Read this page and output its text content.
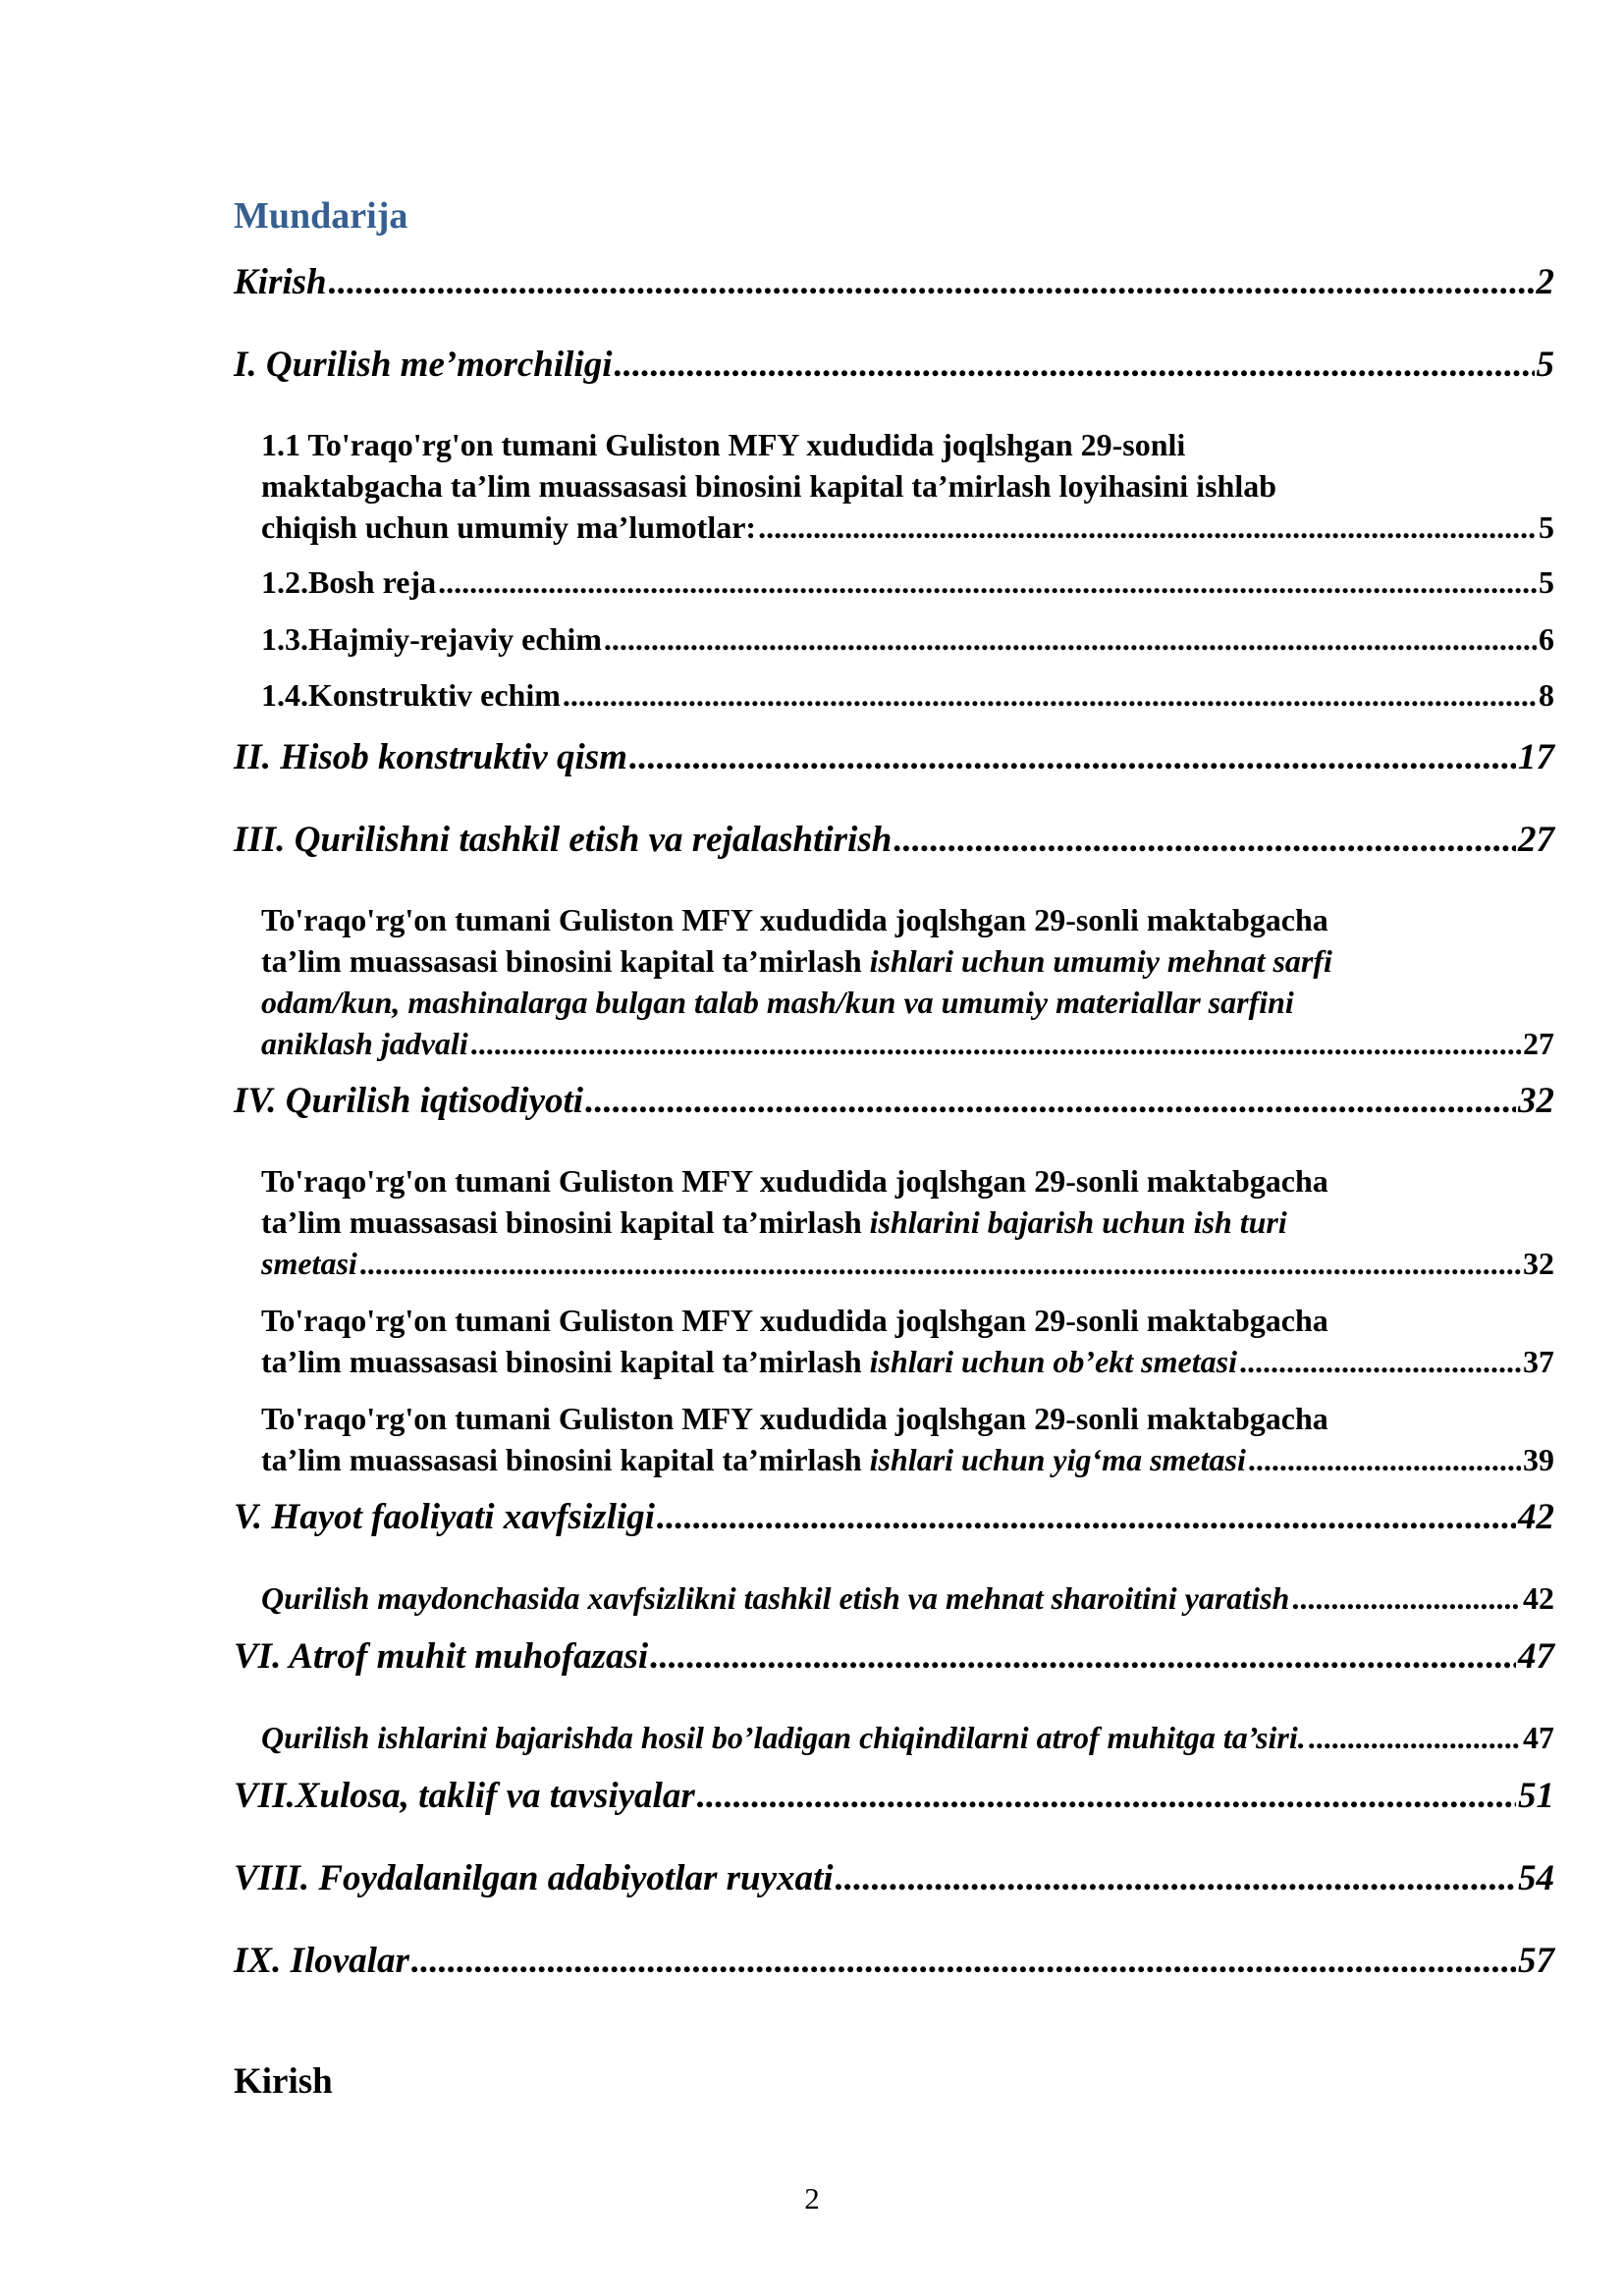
Mundarija
Kirish .....	2
I. Qurilish me’morchiligi .....	5
1.1 To'raqo'rg'on tumani Guliston MFY xududida joqlshgan 29-sonli
maktabgacha ta’lim muassasasi binosini kapital ta’mirlash loyihasini ishlab
chiqish uchun umumiy ma’lumotlar: .....	5
1.2.Bosh reja .....	5
1.3.Hajmiy-rejaviy echim .....	6
1.4.Konstruktiv echim .....	8
II. Hisob konstruktiv qism .....	17
III. Qurilishni tashkil etish va rejalashtirish .....	27
To'raqo'rg'on tumani Guliston MFY xududida joqlshgan 29-sonli maktabgacha
ta’lim muassasasi binosini kapital ta’mirlash ishlari uchun umumiy mehnat sarfi
odam/kun, mashinalarga bulgan talab mash/kun va umumiy materiallar sarfini
aniklash jadvali .....	27
IV. Qurilish iqtisodiyoti .....	32
To'raqo'rg'on tumani Guliston MFY xududida joqlshgan 29-sonli maktabgacha
ta’lim muassasasi binosini kapital ta’mirlash ishlarini bajarish uchun ish turi
smetasi .....	32
To'raqo'rg'on tumani Guliston MFY xududida joqlshgan 29-sonli maktabgacha
ta’lim muassasasi binosini kapital ta’mirlash ishlari uchun ob’ekt smetasi .....	37
To'raqo'rg'on tumani Guliston MFY xududida joqlshgan 29-sonli maktabgacha
ta’lim muassasasi binosini kapital ta’mirlash ishlari uchun yig‘ma smetasi .....	39
V. Hayot faoliyati xavfsizligi .....	42
Qurilish maydonchasida xavfsizlikni tashkil etish va mehnat sharoitini yaratish .....	42
VI. Atrof muhit muhofazasi .....	47
Qurilish ishlarini bajarishda hosil bo’ladigan chiqindilarni atrof muhitga ta’siri. .....	47
VII.Xulosa, taklif va tavsiyalar .....	51
VIII. Foydalanilgan adabiyotlar ruyxati .....	54
IX. Ilovalar .....	57
Kirish
2
